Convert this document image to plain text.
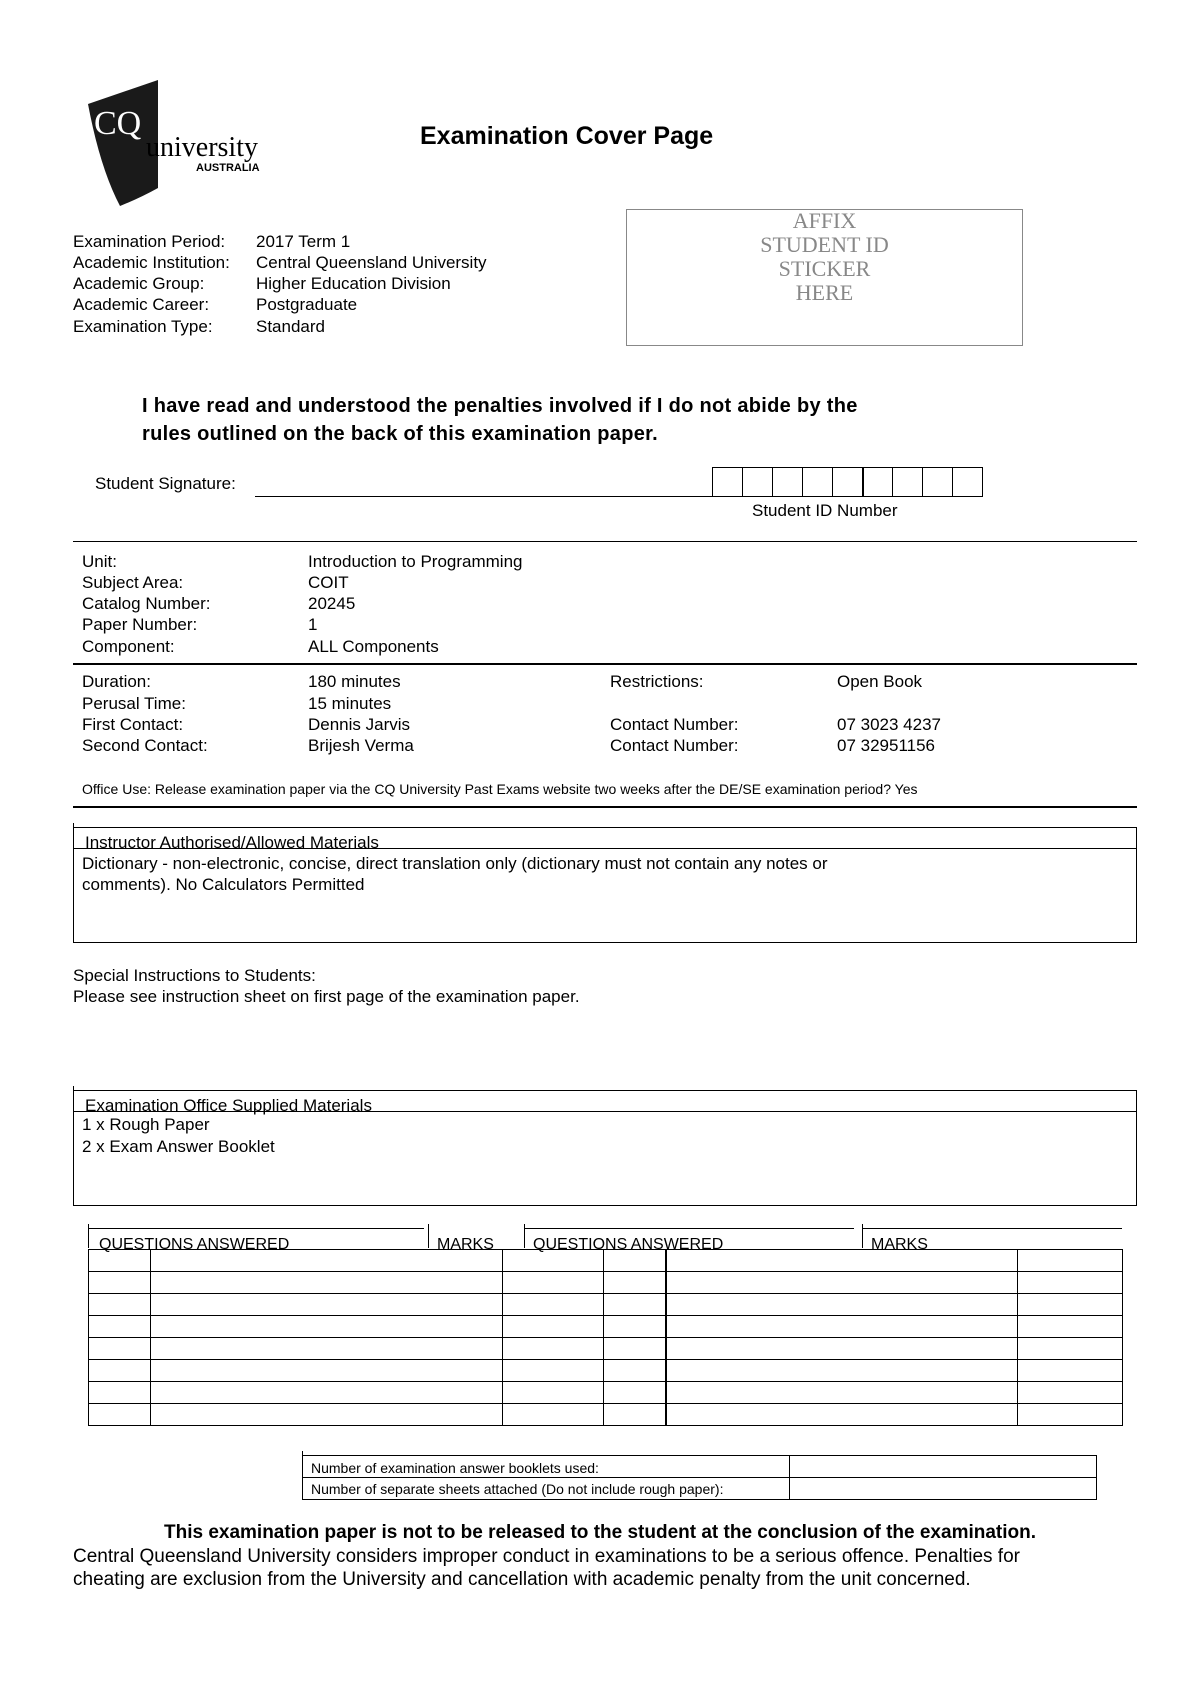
CQ
university
AUSTRALIA
Examination Cover Page
AFFIX
STUDENT ID
STICKER
HERE
Examination Period: 2017 Term 1
Academic Institution: Central Queensland University
Academic Group:	Higher Education Division
Academic Career:	Postgraduate
Examination Type:	Standard
I have read and understood the penalties involved if I do not abide by the
rules outlined on the back of this examination paper.
Student Signature:
Student ID Number
Unit:	Introduction to Programming
Subject Area:	COIT
Catalog Number:	20245
Paper Number:	1
Component:	ALL Components
Duration:	180 minutes	Restrictions:	Open Book
Perusal Time:	15 minutes
First Contact:	Dennis Jarvis	Contact Number:	07 3023 4237
Second Contact:	Brijesh Verma	Contact Number:	07 32951156
Office Use: Release examination paper via the CQ University Past Exams website two weeks after the DE/SE examination period? Yes
Instructor Authorised/Allowed Materials
Dictionary - non-electronic, concise, direct translation only (dictionary must not contain any notes or
comments). No Calculators Permitted
Special Instructions to Students:
Please see instruction sheet on first page of the examination paper.
Examination Office Supplied Materials
1 x Rough Paper
2 x Exam Answer Booklet
QUESTIONS ANSWERED	MARKS QUESTIONS ANSWERED	MARKS

Number of examination answer booklets used:	
Number of separate sheets attached (Do not include rough paper):	
This examination paper is not to be released to the student at the conclusion of the examination.
Central Queensland University considers improper conduct in examinations to be a serious offence. Penalties for
cheating are exclusion from the University and cancellation with academic penalty from the unit concerned.
